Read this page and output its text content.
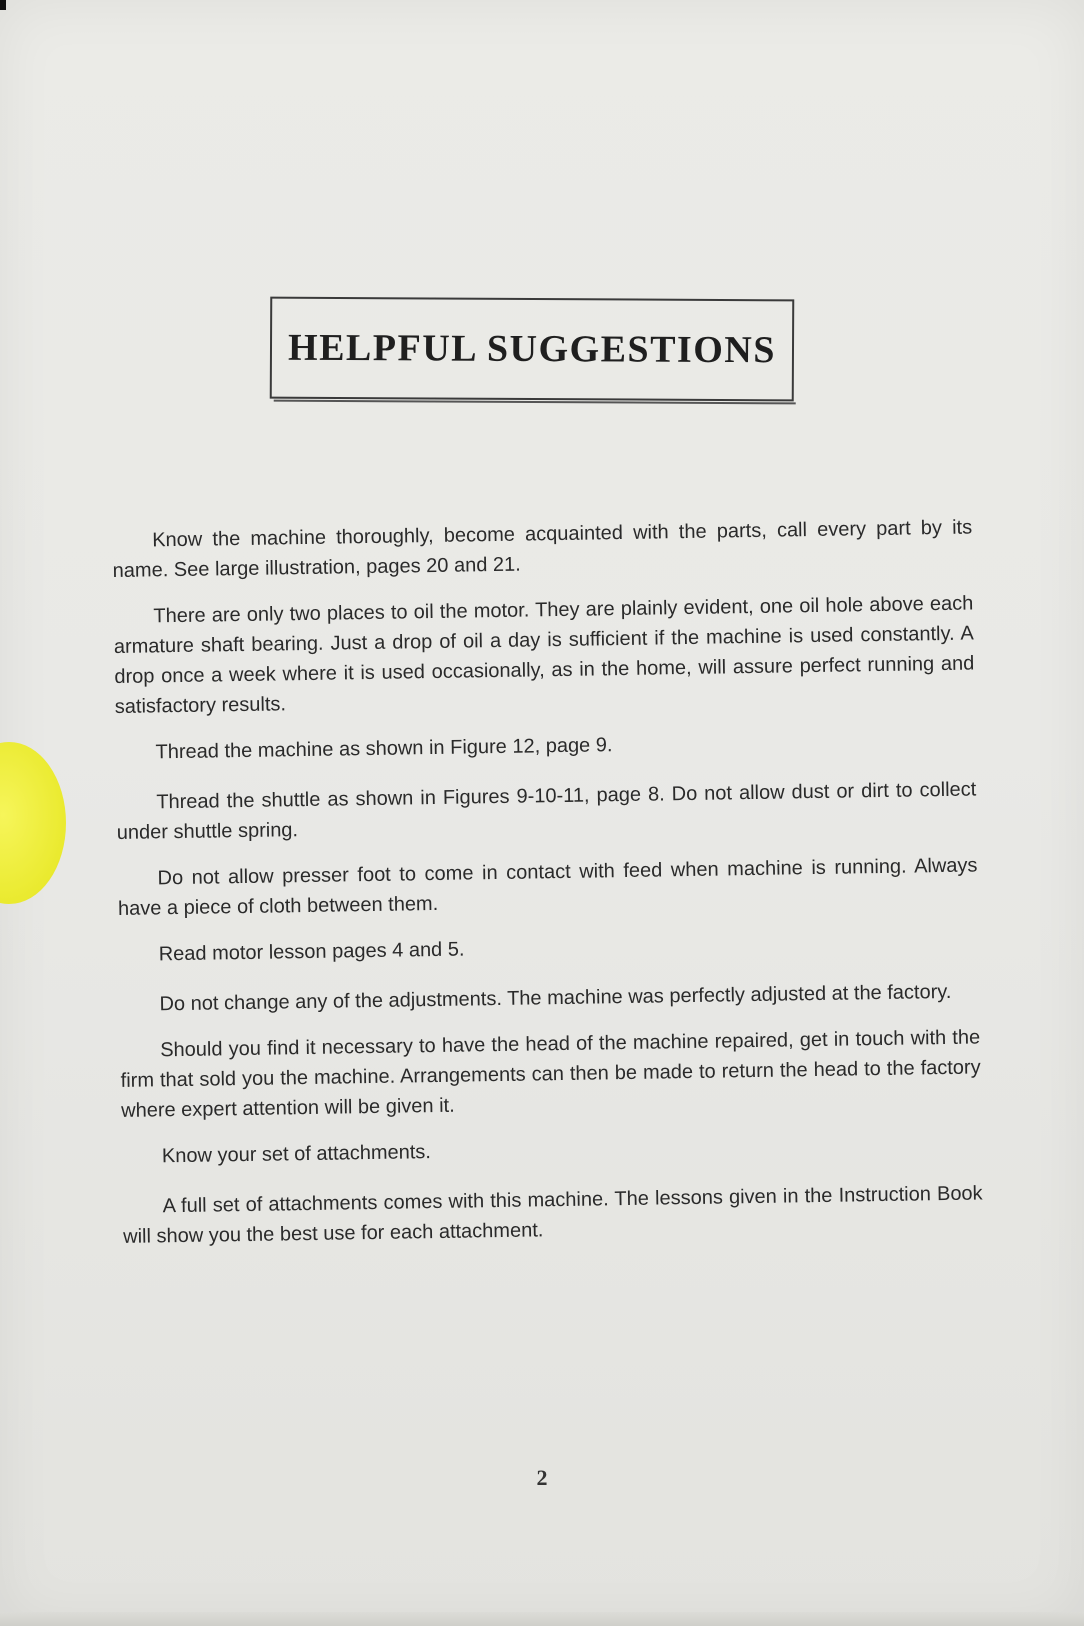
HELPFUL SUGGESTIONS

Know the machine thoroughly, become acquainted with the parts, call every part by its name. See large illustration, pages 20 and 21.

There are only two places to oil the motor. They are plainly evident, one oil hole above each armature shaft bearing. Just a drop of oil a day is sufficient if the machine is used constantly. A drop once a week where it is used occasionally, as in the home, will assure perfect running and satisfactory results.

Thread the machine as shown in Figure 12, page 9.

Thread the shuttle as shown in Figures 9-10-11, page 8. Do not allow dust or dirt to collect under shuttle spring.

Do not allow presser foot to come in contact with feed when machine is running. Always have a piece of cloth between them.

Read motor lesson pages 4 and 5.

Do not change any of the adjustments. The machine was perfectly adjusted at the factory.

Should you find it necessary to have the head of the machine repaired, get in touch with the firm that sold you the machine. Arrangements can then be made to return the head to the factory where expert attention will be given it.

Know your set of attachments.

A full set of attachments comes with this machine. The lessons given in the Instruction Book will show you the best use for each attachment.

2
